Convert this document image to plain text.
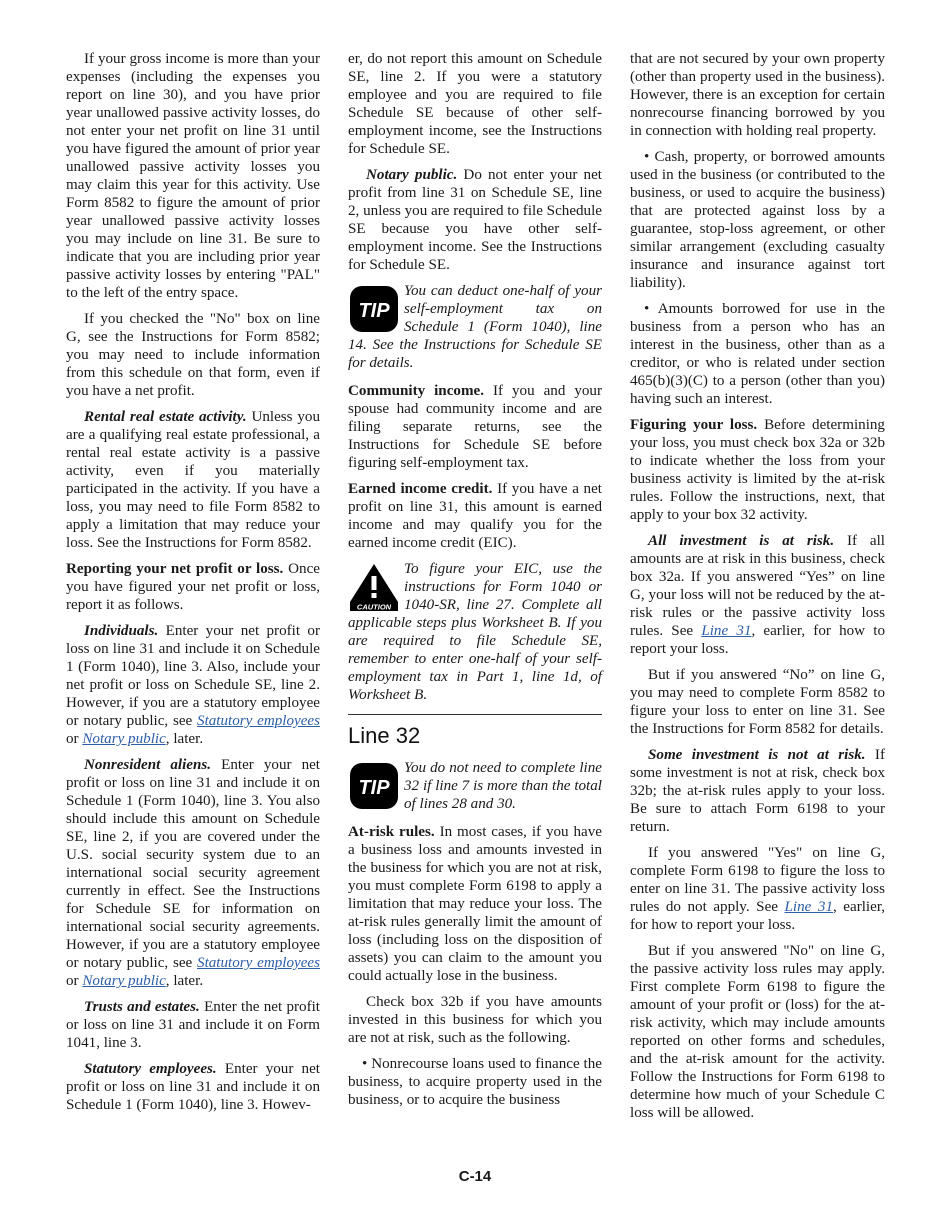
If your gross income is more than your expenses (including the expenses you report on line 30), and you have prior year unallowed passive activity losses, do not enter your net profit on line 31 until you have figured the amount of prior year unallowed passive activity losses you may claim this year for this activity. Use Form 8582 to figure the amount of prior year unallowed passive activity losses you may include on line 31. Be sure to indicate that you are including prior year passive activity losses by entering "PAL" to the left of the entry space.

If you checked the "No" box on line G, see the Instructions for Form 8582; you may need to include information from this schedule on that form, even if you have a net profit.

Rental real estate activity. Unless you are a qualifying real estate professional, a rental real estate activity is a passive activity, even if you materially participated in the activity. If you have a loss, you may need to file Form 8582 to apply a limitation that may reduce your loss. See the Instructions for Form 8582.

Reporting your net profit or loss. Once you have figured your net profit or loss, report it as follows.

Individuals. Enter your net profit or loss on line 31 and include it on Schedule 1 (Form 1040), line 3. Also, include your net profit or loss on Schedule SE, line 2. However, if you are a statutory employee or notary public, see Statutory employees or Notary public, later.

Nonresident aliens. Enter your net profit or loss on line 31 and include it on Schedule 1 (Form 1040), line 3. You also should include this amount on Schedule SE, line 2, if you are covered under the U.S. social security system due to an international social security agreement currently in effect. See the Instructions for Schedule SE for information on international social security agreements. However, if you are a statutory employee or notary public, see Statutory employees or Notary public, later.

Trusts and estates. Enter the net profit or loss on line 31 and include it on Form 1041, line 3.

Statutory employees. Enter your net profit or loss on line 31 and include it on Schedule 1 (Form 1040), line 3. Howev-

er, do not report this amount on Schedule SE, line 2. If you were a statutory employee and you are required to file Schedule SE because of other self-employment income, see the Instructions for Schedule SE.

Notary public. Do not enter your net profit from line 31 on Schedule SE, line 2, unless you are required to file Schedule SE because you have other self-employment income. See the Instructions for Schedule SE.

TIP
You can deduct one-half of your self-employment tax on Schedule 1 (Form 1040), line 14. See the Instructions for Schedule SE for details.

Community income. If you and your spouse had community income and are filing separate returns, see the Instructions for Schedule SE before figuring self-employment tax.

Earned income credit. If you have a net profit on line 31, this amount is earned income and may qualify you for the earned income credit (EIC).

CAUTION
To figure your EIC, use the instructions for Form 1040 or 1040-SR, line 27. Complete all applicable steps plus Worksheet B. If you are required to file Schedule SE, remember to enter one-half of your self-employment tax in Part 1, line 1d, of Worksheet B.
Line 32
TIP
You do not need to complete line 32 if line 7 is more than the total of lines 28 and 30.

At-risk rules. In most cases, if you have a business loss and amounts invested in the business for which you are not at risk, you must complete Form 6198 to apply a limitation that may reduce your loss. The at-risk rules generally limit the amount of loss (including loss on the disposition of assets) you can claim to the amount you could actually lose in the business.

Check box 32b if you have amounts invested in this business for which you are not at risk, such as the following.

• Nonrecourse loans used to finance the business, to acquire property used in the business, or to acquire the business

that are not secured by your own property (other than property used in the business). However, there is an exception for certain nonrecourse financing borrowed by you in connection with holding real property.

• Cash, property, or borrowed amounts used in the business (or contributed to the business, or used to acquire the business) that are protected against loss by a guarantee, stop-loss agreement, or other similar arrangement (excluding casualty insurance and insurance against tort liability).

• Amounts borrowed for use in the business from a person who has an interest in the business, other than as a creditor, or who is related under section 465(b)(3)(C) to a person (other than you) having such an interest.

Figuring your loss. Before determining your loss, you must check box 32a or 32b to indicate whether the loss from your business activity is limited by the at-risk rules. Follow the instructions, next, that apply to your box 32 activity.

All investment is at risk. If all amounts are at risk in this business, check box 32a. If you answered “Yes” on line G, your loss will not be reduced by the at-risk rules or the passive activity loss rules. See Line 31, earlier, for how to report your loss.

But if you answered “No” on line G, you may need to complete Form 8582 to figure your loss to enter on line 31. See the Instructions for Form 8582 for details.

Some investment is not at risk. If some investment is not at risk, check box 32b; the at-risk rules apply to your loss. Be sure to attach Form 6198 to your return.

If you answered "Yes" on line G, complete Form 6198 to figure the loss to enter on line 31. The passive activity loss rules do not apply. See Line 31, earlier, for how to report your loss.

But if you answered "No" on line G, the passive activity loss rules may apply. First complete Form 6198 to figure the amount of your profit or (loss) for the at-risk activity, which may include amounts reported on other forms and schedules, and the at-risk amount for the activity. Follow the Instructions for Form 6198 to determine how much of your Schedule C loss will be allowed.

C-14
